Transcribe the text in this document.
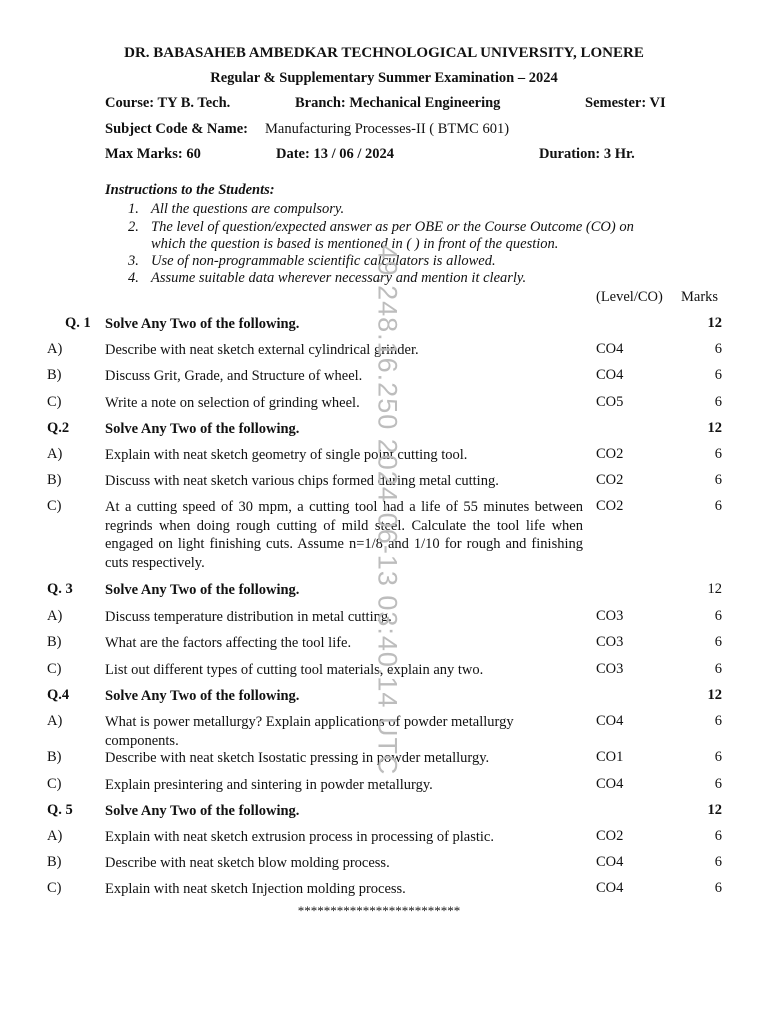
DR. BABASAHEB AMBEDKAR TECHNOLOGICAL UNIVERSITY, LONERE
Regular & Supplementary Summer Examination – 2024
Course: TY B. Tech.	Branch: Mechanical Engineering	Semester: VI
Subject Code & Name: Manufacturing Processes-II ( BTMC 601)
Max Marks: 60	Date: 13 / 06 / 2024	Duration: 3 Hr.
Instructions to the Students:
1. All the questions are compulsory.
2. The level of question/expected answer as per OBE or the Course Outcome (CO) on which the question is based is mentioned in ( ) in front of the question.
3. Use of non-programmable scientific calculators is allowed.
4. Assume suitable data wherever necessary and mention it clearly.
(Level/CO) Marks
Q. 1 Solve Any Two of the following.	12
A)	Describe with neat sketch external cylindrical grinder.	CO4	6
B)	Discuss Grit, Grade, and Structure of wheel.	CO4	6
C)	Write a note on selection of grinding wheel.	CO5	6
Q.2 Solve Any Two of the following.	12
A)	Explain with neat sketch geometry of single point cutting tool.	CO2	6
B)	Discuss with neat sketch various chips formed during metal cutting.	CO2	6
C)	At a cutting speed of 30 mpm, a cutting tool had a life of 55 minutes between regrinds when doing rough cutting of mild steel. Calculate the tool life when engaged on light finishing cuts. Assume n=1/8 and 1/10 for rough and finishing cuts respectively.
CO2	6
Q. 3 Solve Any Two of the following.	12
A)	Discuss temperature distribution in metal cutting.	CO3	6
B)	What are the factors affecting the tool life.	CO3	6
C)	List out different types of cutting tool materials, explain any two.	CO3	6
Q.4 Solve Any Two of the following.	12
A)	What is power metallurgy? Explain applications of powder metallurgy components.
CO4	6
B)	Describe with neat sketch Isostatic pressing in powder metallurgy.	CO1	6
C)	Explain presintering and sintering in powder metallurgy.	CO4	6
Q. 5 Solve Any Two of the following.	12
A)	Explain with neat sketch extrusion process in processing of plastic.	CO2	6
B)	Describe with neat sketch blow molding process.	CO4	6
C)	Explain with neat sketch Injection molding process.	CO4	6
*************************
49.248.16.250 2024-06-13 03:40:14 UTC
